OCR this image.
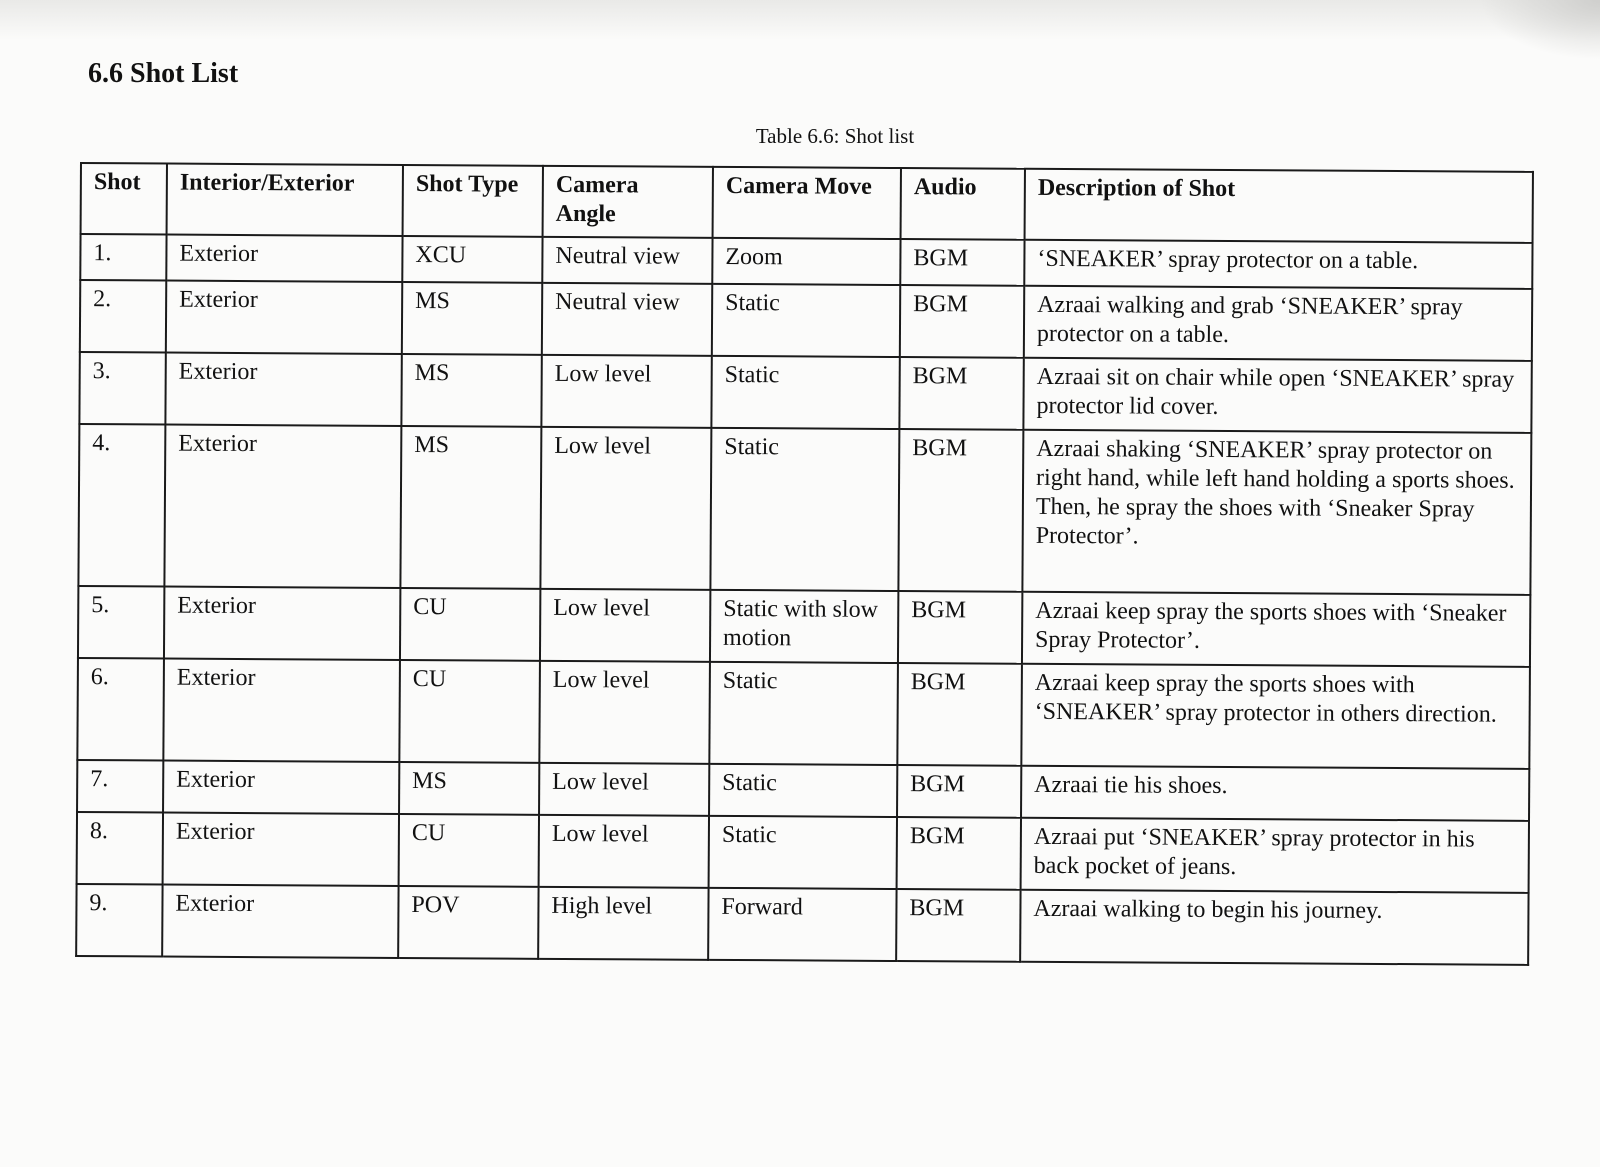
6.6 Shot List
Table 6.6: Shot list
Shot	Interior/Exterior	Shot Type	Camera Angle	Camera Move	Audio	Description of Shot
1.	Exterior	XCU	Neutral view	Zoom	BGM	‘SNEAKER’ spray protector on a table.
2.	Exterior	MS	Neutral view	Static	BGM	Azraai walking and grab ‘SNEAKER’ spray protector on a table.
3.	Exterior	MS	Low level	Static	BGM	Azraai sit on chair while open ‘SNEAKER’ spray protector lid cover.
4.	Exterior	MS	Low level	Static	BGM	Azraai shaking ‘SNEAKER’ spray protector on right hand, while left hand holding a sports shoes. Then, he spray the shoes with ‘Sneaker Spray Protector’.
5.	Exterior	CU	Low level	Static with slow motion	BGM	Azraai keep spray the sports shoes with ‘Sneaker Spray Protector’.
6.	Exterior	CU	Low level	Static	BGM	Azraai keep spray the sports shoes with ‘SNEAKER’ spray protector in others direction.
7.	Exterior	MS	Low level	Static	BGM	Azraai tie his shoes.
8.	Exterior	CU	Low level	Static	BGM	Azraai put ‘SNEAKER’ spray protector in his back pocket of jeans.
9.	Exterior	POV	High level	Forward	BGM	Azraai walking to begin his journey.
